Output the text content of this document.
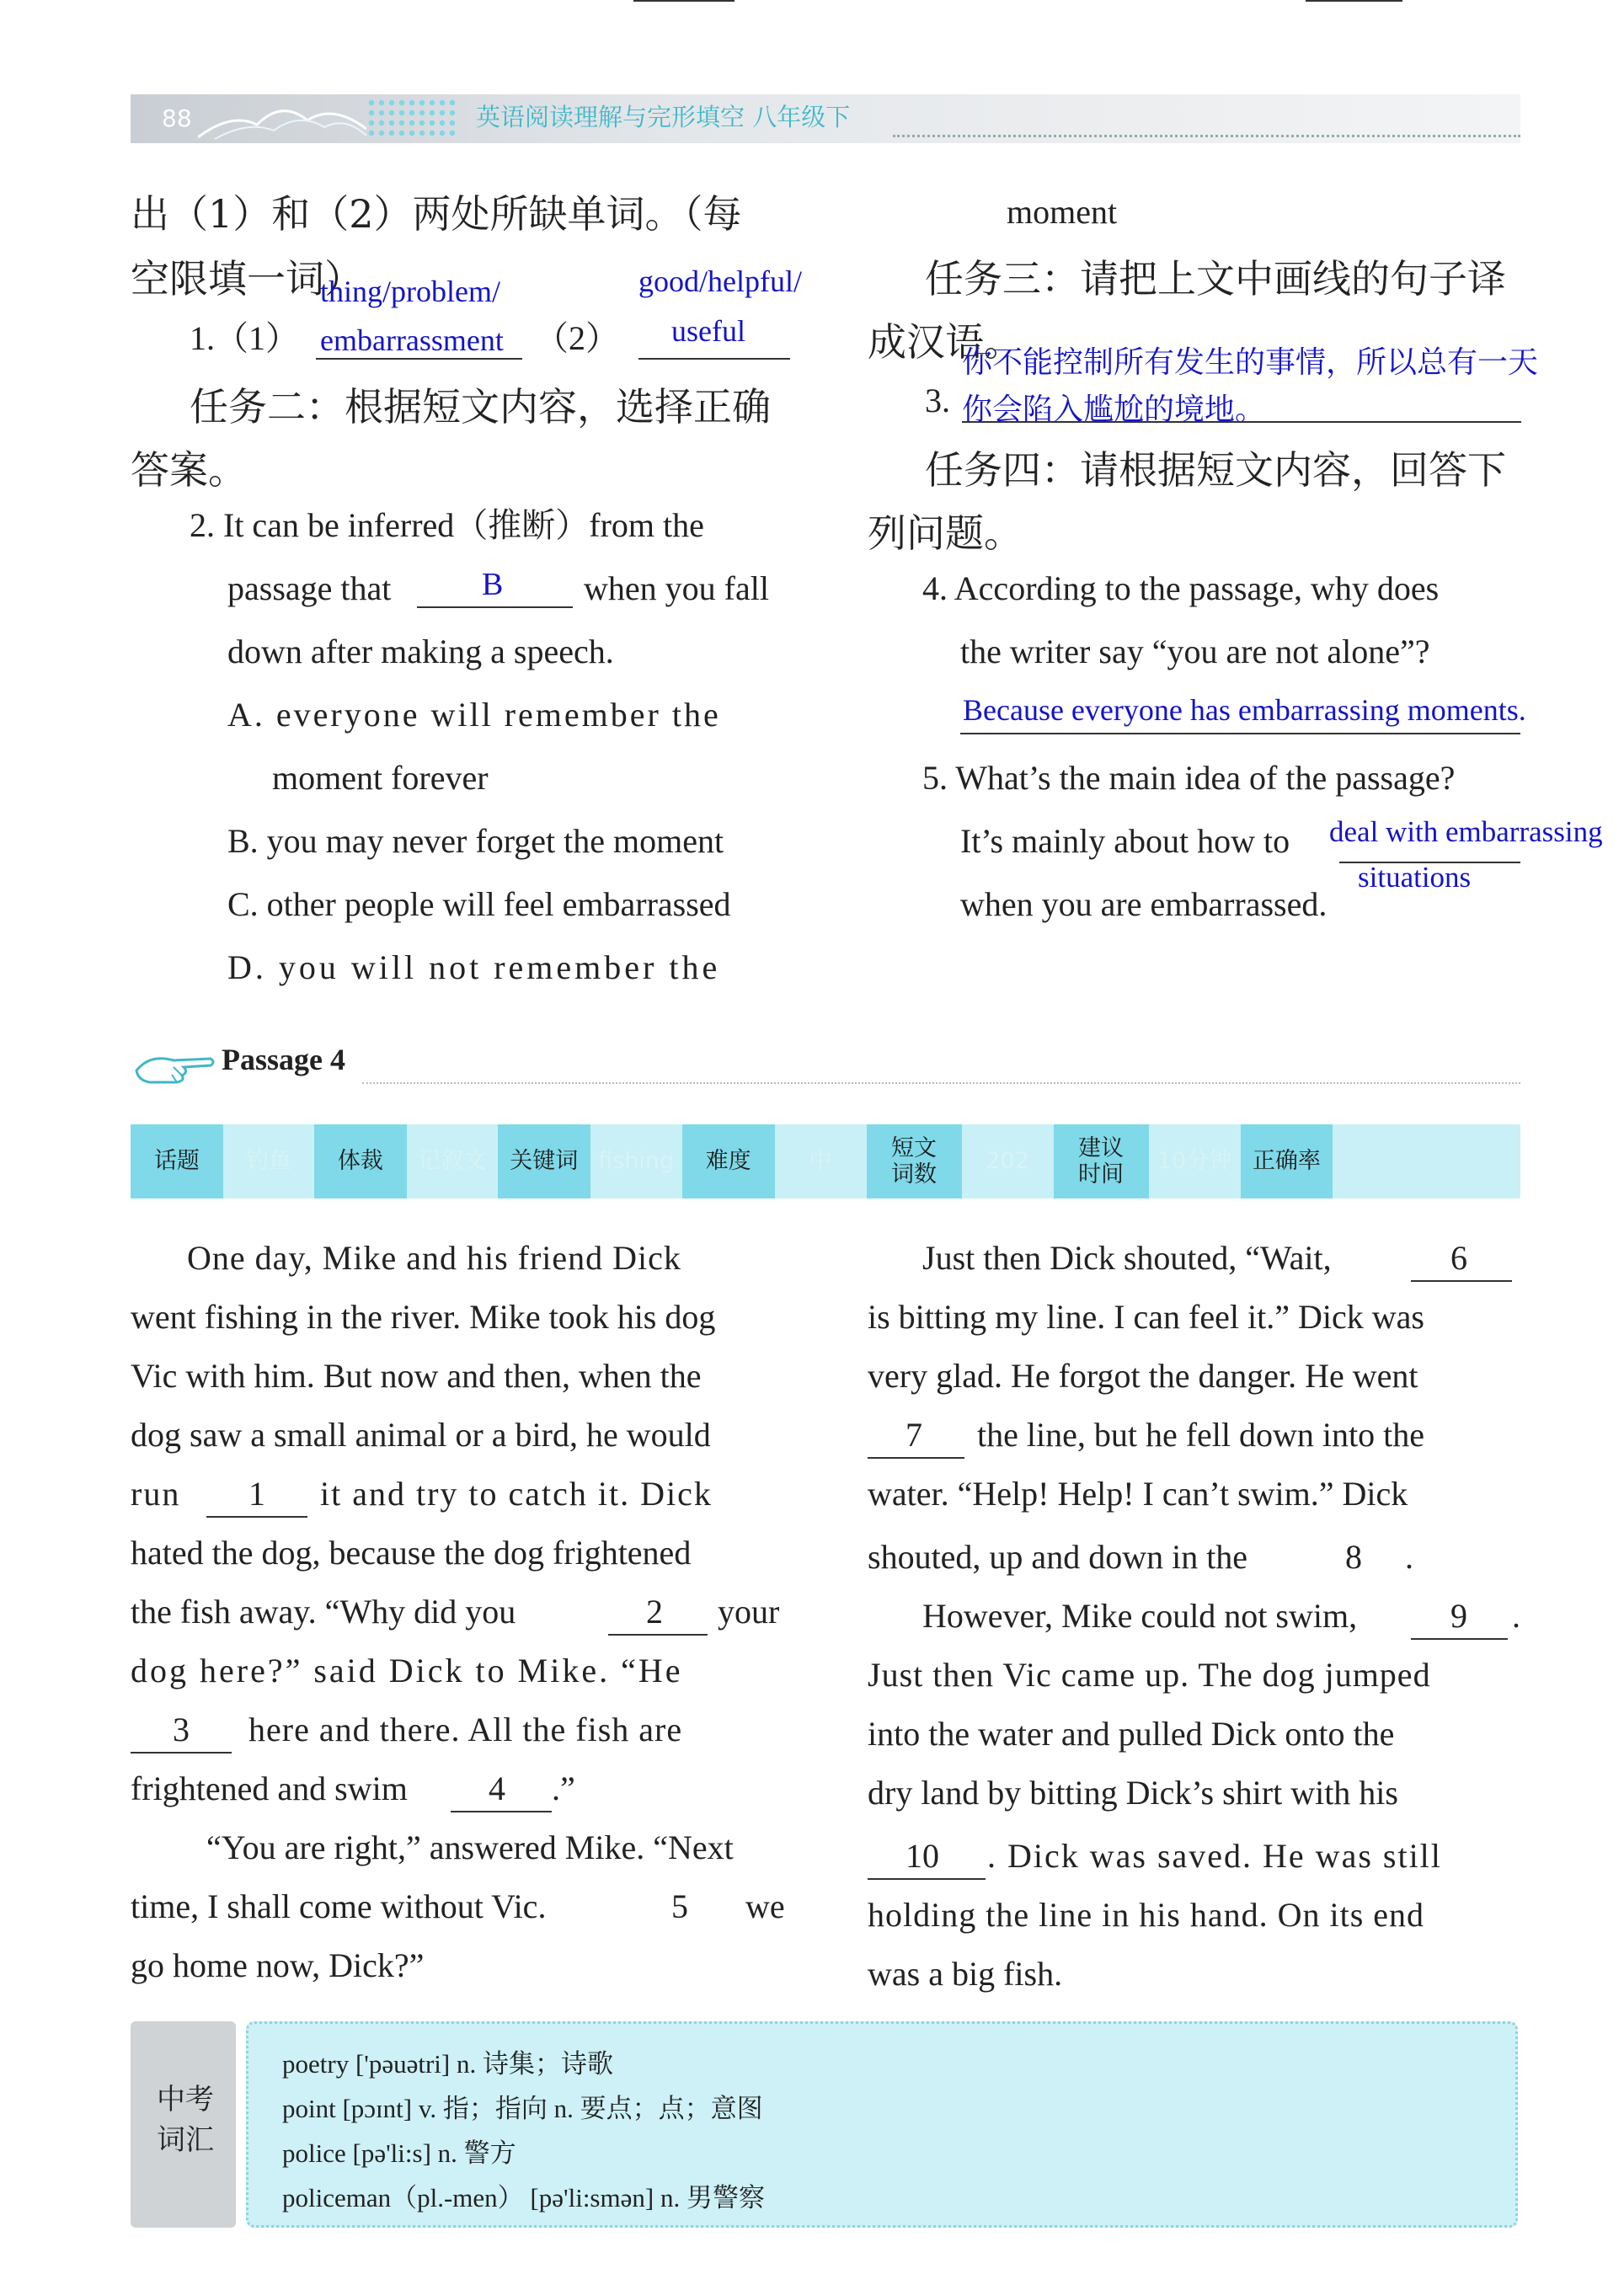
88	英语阅读理解与完形填空 八年级下
出（1）和（2）两处所缺单词。（每
空限填一词）
thing/problem/	good/helpful/
1.（1） embarrassment （2） useful
任务二：根据短文内容，选择正确
答案。
2. It can be inferred（推断）from the
passage that	B when you fall
down after making a speech.
A. everyone will remember the
moment forever
B. you may never forget the moment
C. other people will feel embarrassed
D. you will not remember the
moment
任务三：请把上文中画线的句子译
成汉语。
你不能控制所有发生的事情，所以总有一天
3. 你会陷入尴尬的境地。
任务四：请根据短文内容，回答下
列问题。
4. According to the passage, why does
the writer say “you are not alone”?
Because everyone has embarrassing moments.
5. What’s the main idea of the passage?
It’s mainly about how to deal with embarrassing
situations
when you are embarrassed.
Passage 4
话题	钓鱼	体裁	记叙文	关键词 fishing	难度	中
短文词数
202
建议时间
10分钟 正确率
One day, Mike and his friend Dick
went fishing in the river. Mike took his dog
Vic with him. But now and then, when the
dog saw a small animal or a bird, he would
run 1 it and try to catch it. Dick
hated the dog, because the dog frightened
the fish away. “Why did you	2 your
dog here?” said Dick to Mike. “He
3 here and there. All the fish are
frightened and swim 4 .”
“You are right,” answered Mike. “Next
time, I shall come without Vic.	5 we
go home now, Dick?”
Just then Dick shouted, “Wait,	6
is bitting my line. I can feel it.” Dick was
very glad. He forgot the danger. He went
7 the line, but he fell down into the
water. “Help! Help! I can’t swim.” Dick
shouted, up and down in the	8 .
However, Mike could not swim,	9 .
Just then Vic came up. The dog jumped
into the water and pulled Dick onto the
dry land by bitting Dick’s shirt with his
10 . Dick was saved. He was still
holding the line in his hand. On its end
was a big fish.
中考词汇
poetry ['pəuətri] n. 诗集；诗歌
point [pɔɪnt] v. 指；指向 n. 要点；点；意图
police [pə'li:s] n. 警方
policeman（pl.-men） [pə'li:smən] n. 男警察
